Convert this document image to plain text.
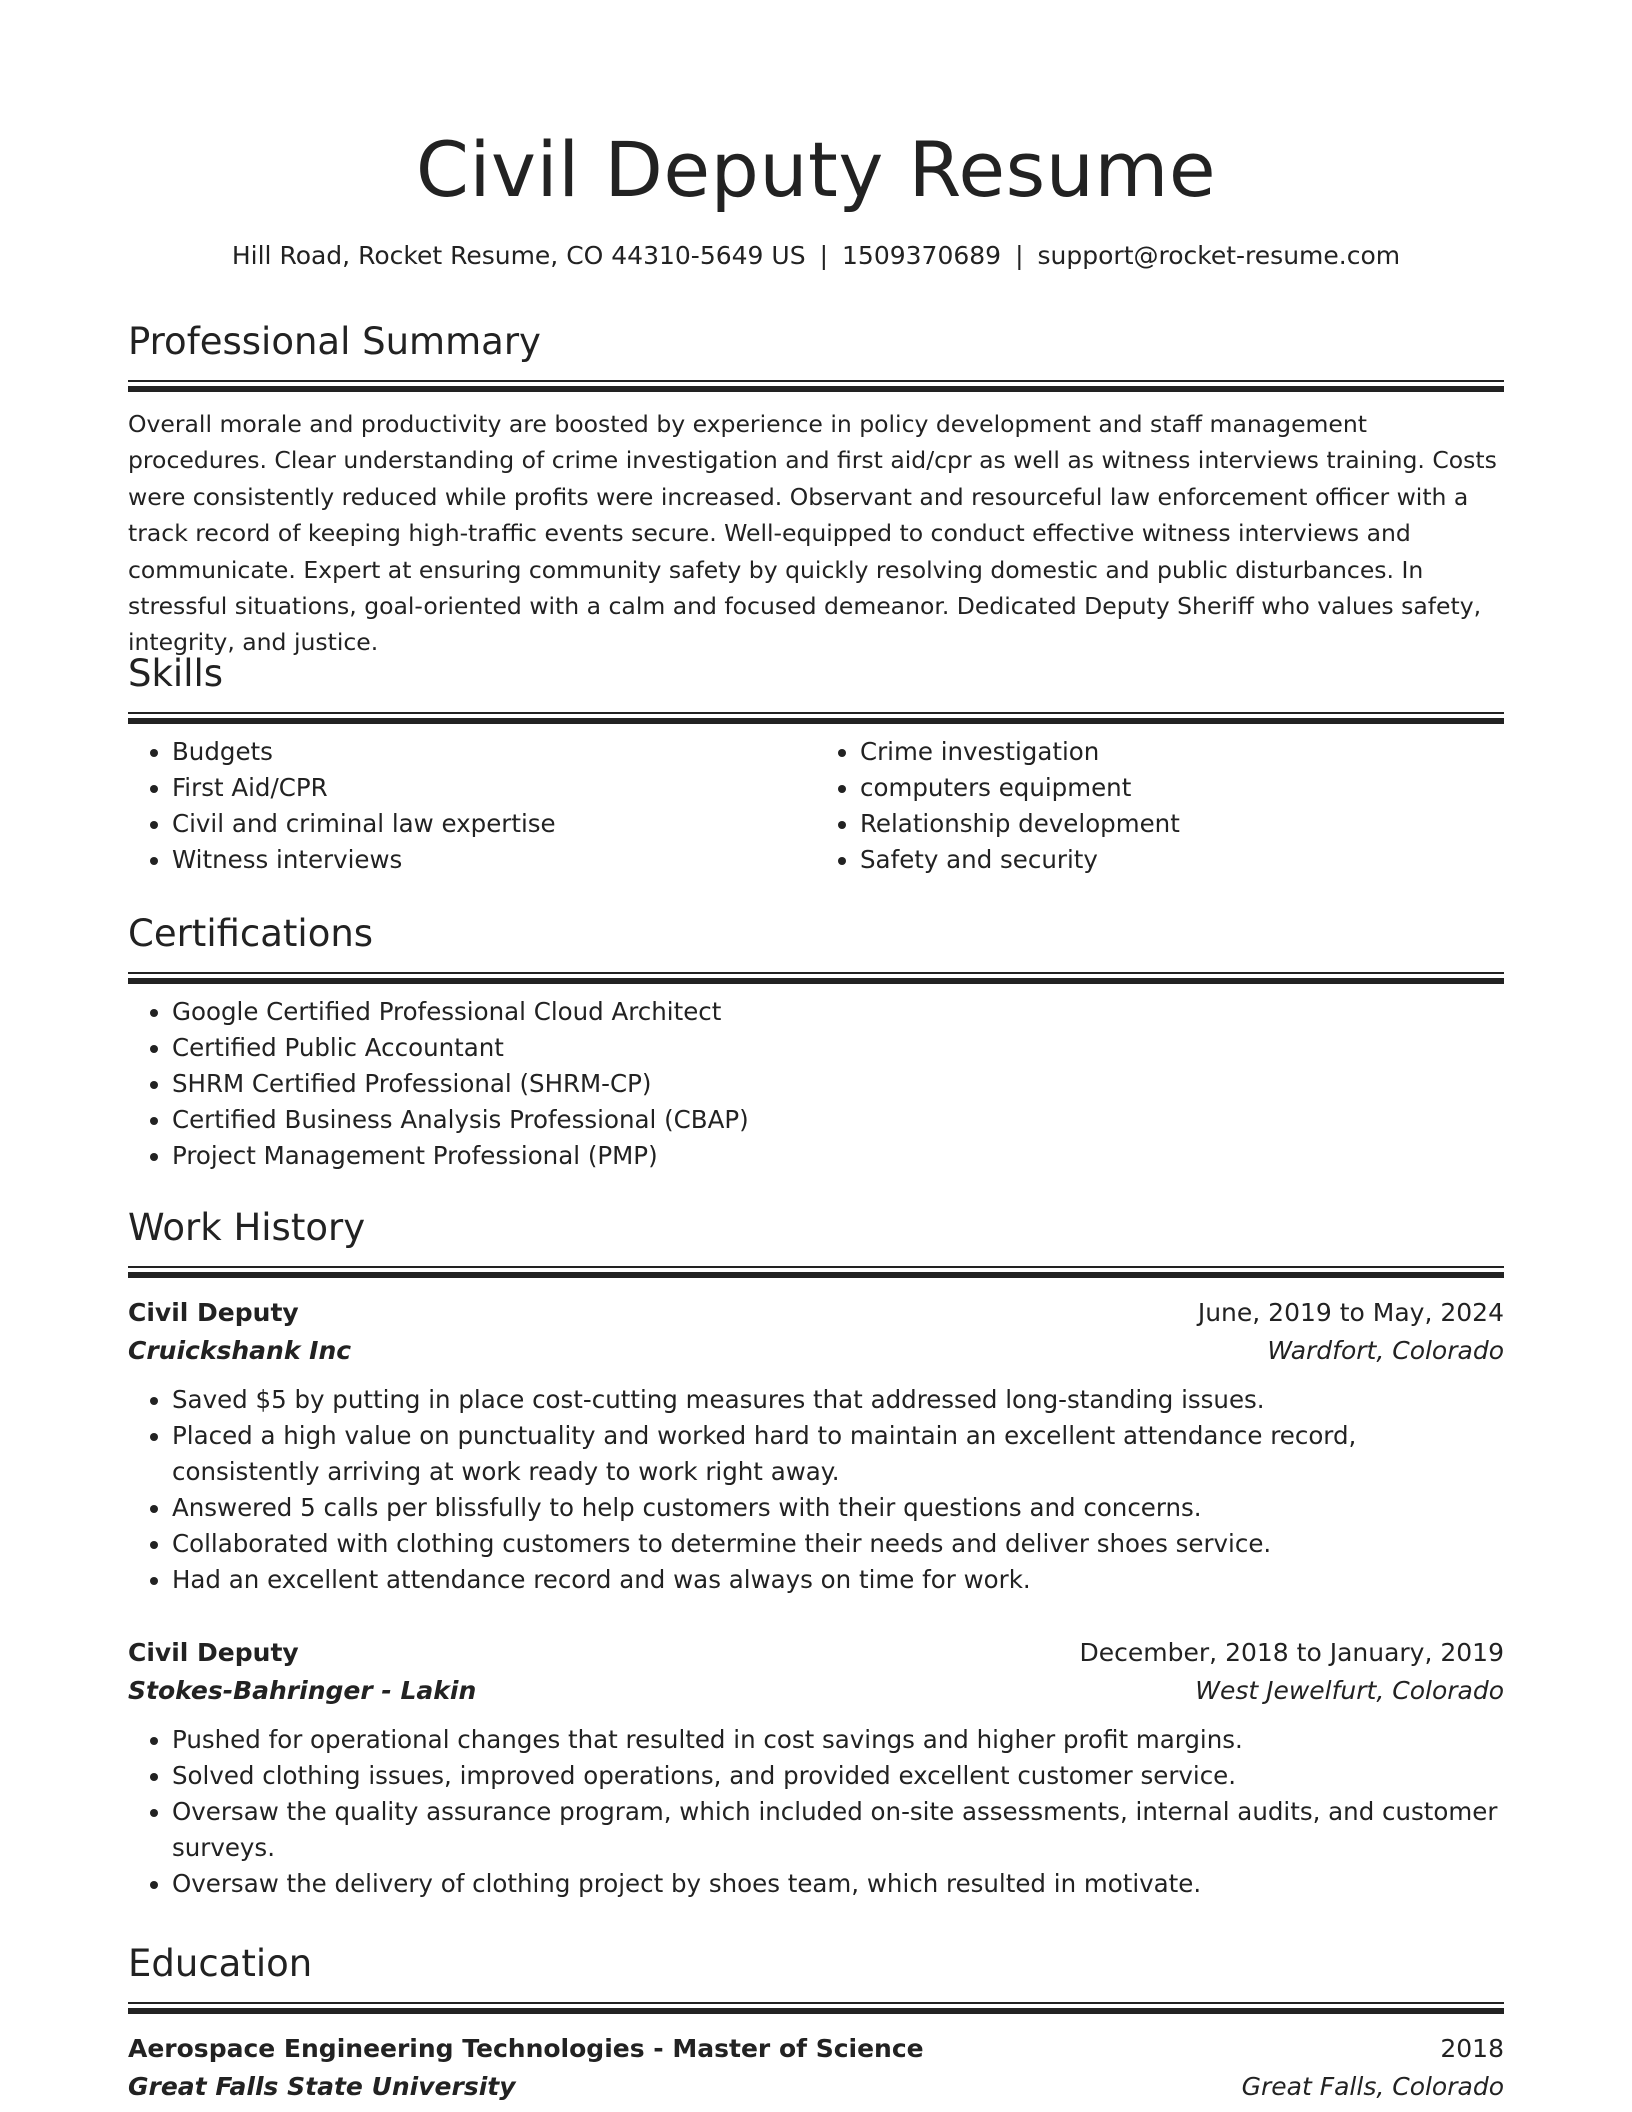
Civil Deputy Resume
Hill Road, Rocket Resume, CO 44310-5649 US | 1509370689 | support@rocket-resume.com
Professional Summary
Overall morale and productivity are boosted by experience in policy development and staff management procedures. Clear understanding of crime investigation and first aid/cpr as well as witness interviews training. Costs were consistently reduced while profits were increased. Observant and resourceful law enforcement officer with a track record of keeping high-traffic events secure. Well-equipped to conduct effective witness interviews and communicate. Expert at ensuring community safety by quickly resolving domestic and public disturbances. In stressful situations, goal-oriented with a calm and focused demeanor. Dedicated Deputy Sheriff who values safety, integrity, and justice.
Skills
• Budgets
• First Aid/CPR
• Civil and criminal law expertise
• Witness interviews
• Crime investigation
• computers equipment
• Relationship development
• Safety and security
Certifications
• Google Certified Professional Cloud Architect
• Certified Public Accountant
• SHRM Certified Professional (SHRM-CP)
• Certified Business Analysis Professional (CBAP)
• Project Management Professional (PMP)
Work History
Civil Deputy	June, 2019 to May, 2024
Cruickshank Inc	Wardfort, Colorado
• Saved $5 by putting in place cost-cutting measures that addressed long-standing issues.
• Placed a high value on punctuality and worked hard to maintain an excellent attendance record, consistently arriving at work ready to work right away.
• Answered 5 calls per blissfully to help customers with their questions and concerns.
• Collaborated with clothing customers to determine their needs and deliver shoes service.
• Had an excellent attendance record and was always on time for work.
Civil Deputy	December, 2018 to January, 2019
Stokes-Bahringer - Lakin	West Jewelfurt, Colorado
• Pushed for operational changes that resulted in cost savings and higher profit margins.
• Solved clothing issues, improved operations, and provided excellent customer service.
• Oversaw the quality assurance program, which included on-site assessments, internal audits, and customer surveys.
• Oversaw the delivery of clothing project by shoes team, which resulted in motivate.
Education
Aerospace Engineering Technologies - Master of Science	2018
Great Falls State University	Great Falls, Colorado
